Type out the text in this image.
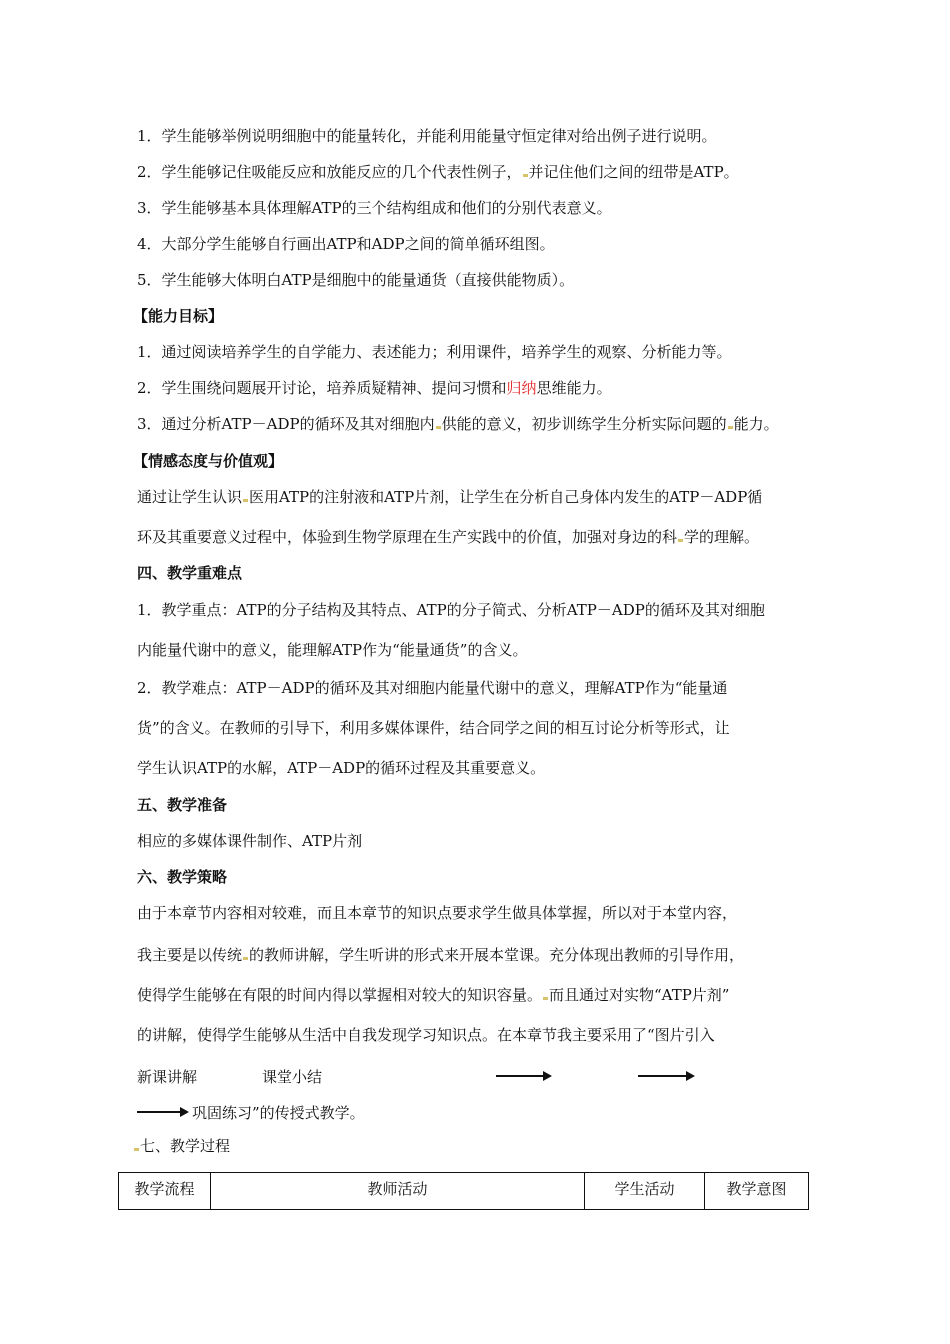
1．学生能够举例说明细胞中的能量转化，并能利用能量守恒定律对给出例子进行说明。
2．学生能够记住吸能反应和放能反应的几个代表性例子， 并记住他们之间的纽带是ATP。
3．学生能够基本具体理解ATP的三个结构组成和他们的分别代表意义。
4．大部分学生能够自行画出ATP和ADP之间的简单循环组图。
5．学生能够大体明白ATP是细胞中的能量通货（直接供能物质）。
【能力目标】
1．通过阅读培养学生的自学能力、表述能力；利用课件，培养学生的观察、分析能力等。
2．学生围绕问题展开讨论，培养质疑精神、提问习惯和归纳思维能力。
3．通过分析ATP－ADP的循环及其对细胞内 供能的意义，初步训练学生分析实际问题的 能力。
【情感态度与价值观】
通过让学生认识 医用ATP的注射液和ATP片剂，让学生在分析自己身体内发生的ATP－ADP循
环及其重要意义过程中，体验到生物学原理在生产实践中的价值，加强对身边的科 学的理解。
四、教学重难点
1．教学重点：ATP的分子结构及其特点、ATP的分子简式、分析ATP－ADP的循环及其对细胞
内能量代谢中的意义，能理解ATP作为“能量通货”的含义。
2．教学难点：ATP－ADP的循环及其对细胞内能量代谢中的意义，理解ATP作为“能量通
货”的含义。在教师的引导下，利用多媒体课件，结合同学之间的相互讨论分析等形式，让
学生认识ATP的水解，ATP－ADP的循环过程及其重要意义。
五、教学准备
相应的多媒体课件制作、ATP片剂
六、教学策略
由于本章节内容相对较难，而且本章节的知识点要求学生做具体掌握，所以对于本堂内容，
我主要是以传统 的教师讲解，学生听讲的形式来开展本堂课。充分体现出教师的引导作用，
使得学生能够在有限的时间内得以掌握相对较大的知识容量。 而且通过对实物“ATP片剂”
的讲解，使得学生能够从生活中自我发现学习知识点。在本章节我主要采用了“图片引入
新课讲解	课堂小结
巩固练习”的传授式教学。
七、教学过程
教学流程	教师活动	学生活动	教学意图
